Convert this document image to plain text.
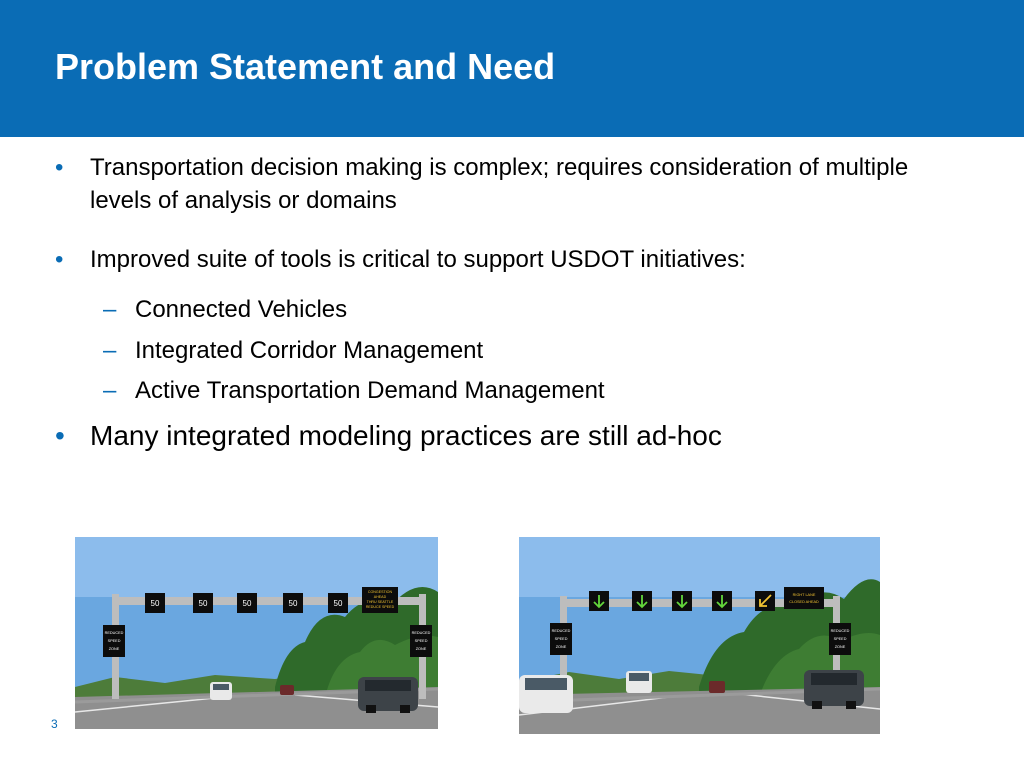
Problem Statement and Need
• Transportation decision making is complex; requires consideration of multiple levels of analysis or domains
• Improved suite of tools is critical to support USDOT initiatives:
– Connected Vehicles
– Integrated Corridor Management
– Active Transportation Demand Management
• Many integrated modeling practices are still ad-hoc
50	50	50	50	50
CONGESTION
AHEAD
THRU SEATTLE
REDUCE SPEED
REDUCED
SPEED
ZONE
REDUCED
SPEED
ZONE
RIGHT LANE
CLOSED AHEAD
REDUCED
SPEED
ZONE
REDUCED
SPEED
ZONE
3
